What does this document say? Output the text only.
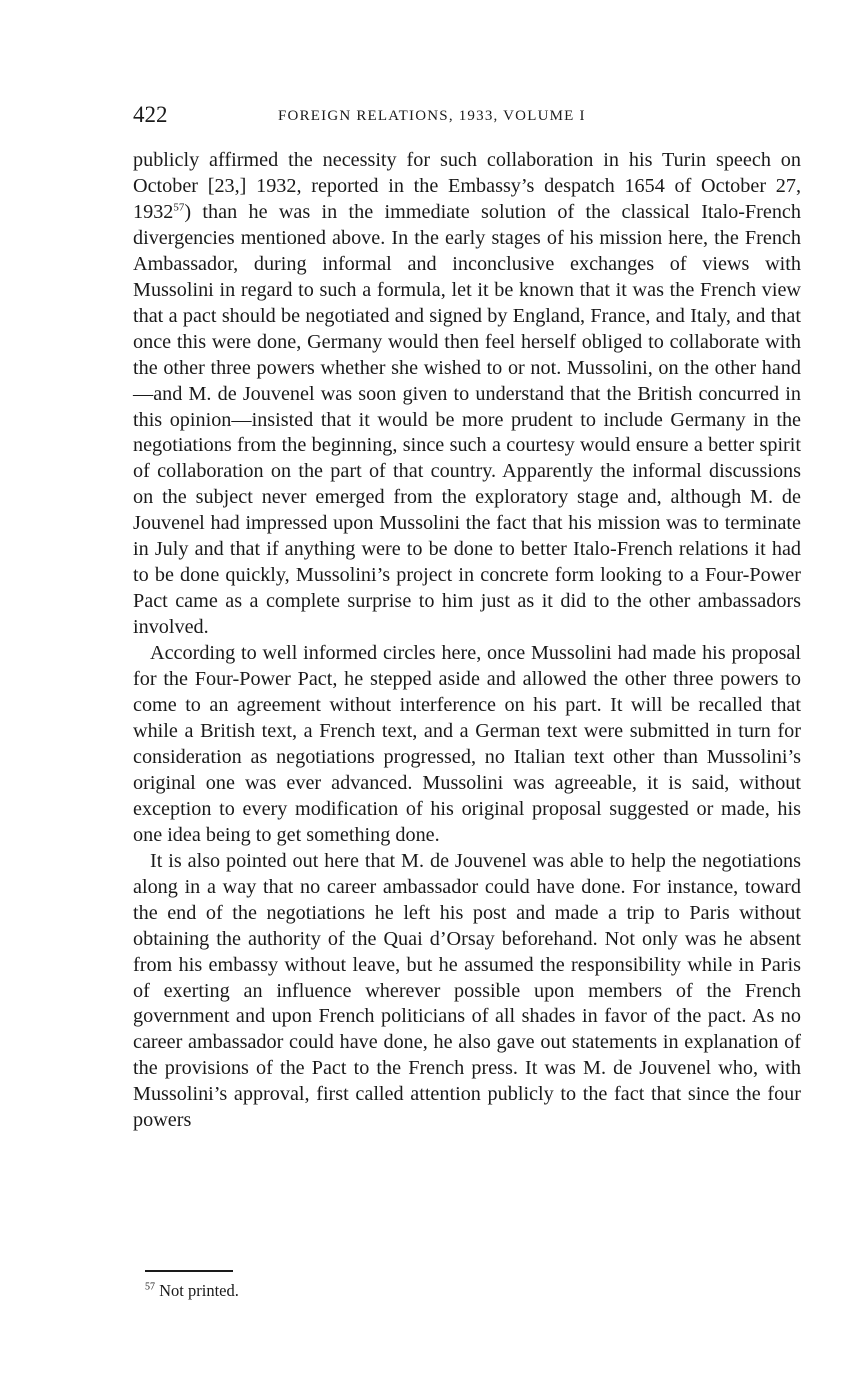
422	FOREIGN RELATIONS, 1933, VOLUME I

publicly affirmed the necessity for such collaboration in his Turin speech on October [23,] 1932, reported in the Embassy’s despatch 1654 of October 27, 1932$^{57}$) than he was in the immediate solution of the classical Italo-French divergencies mentioned above. In the early stages of his mission here, the French Ambassador, during informal and inconclusive exchanges of views with Mussolini in regard to such a formula, let it be known that it was the French view that a pact should be negotiated and signed by England, France, and Italy, and that once this were done, Germany would then feel herself obliged to collaborate with the other three powers whether she wished to or not. Mussolini, on the other hand—and M. de Jouvenel was soon given to understand that the British concurred in this opinion—insisted that it would be more prudent to include Germany in the negotiations from the beginning, since such a courtesy would ensure a better spirit of collaboration on the part of that country. Apparently the informal discussions on the subject never emerged from the exploratory stage and, although M. de Jouvenel had impressed upon Mussolini the fact that his mission was to terminate in July and that if anything were to be done to better Italo-French relations it had to be done quickly, Mussolini’s project in concrete form looking to a Four-Power Pact came as a complete surprise to him just as it did to the other ambassadors involved.

According to well informed circles here, once Mussolini had made his proposal for the Four-Power Pact, he stepped aside and allowed the other three powers to come to an agreement without interference on his part. It will be recalled that while a British text, a French text, and a German text were submitted in turn for consideration as negotiations progressed, no Italian text other than Mussolini’s original one was ever advanced. Mussolini was agreeable, it is said, without exception to every modification of his original proposal suggested or made, his one idea being to get something done.

It is also pointed out here that M. de Jouvenel was able to help the negotiations along in a way that no career ambassador could have done. For instance, toward the end of the negotiations he left his post and made a trip to Paris without obtaining the authority of the Quai d’Orsay beforehand. Not only was he absent from his embassy without leave, but he assumed the responsibility while in Paris of exerting an influence wherever possible upon members of the French government and upon French politicians of all shades in favor of the pact. As no career ambassador could have done, he also gave out statements in explanation of the provisions of the Pact to the French press. It was M. de Jouvenel who, with Mussolini’s approval, first called attention publicly to the fact that since the four powers

$^{57}$ Not printed.
